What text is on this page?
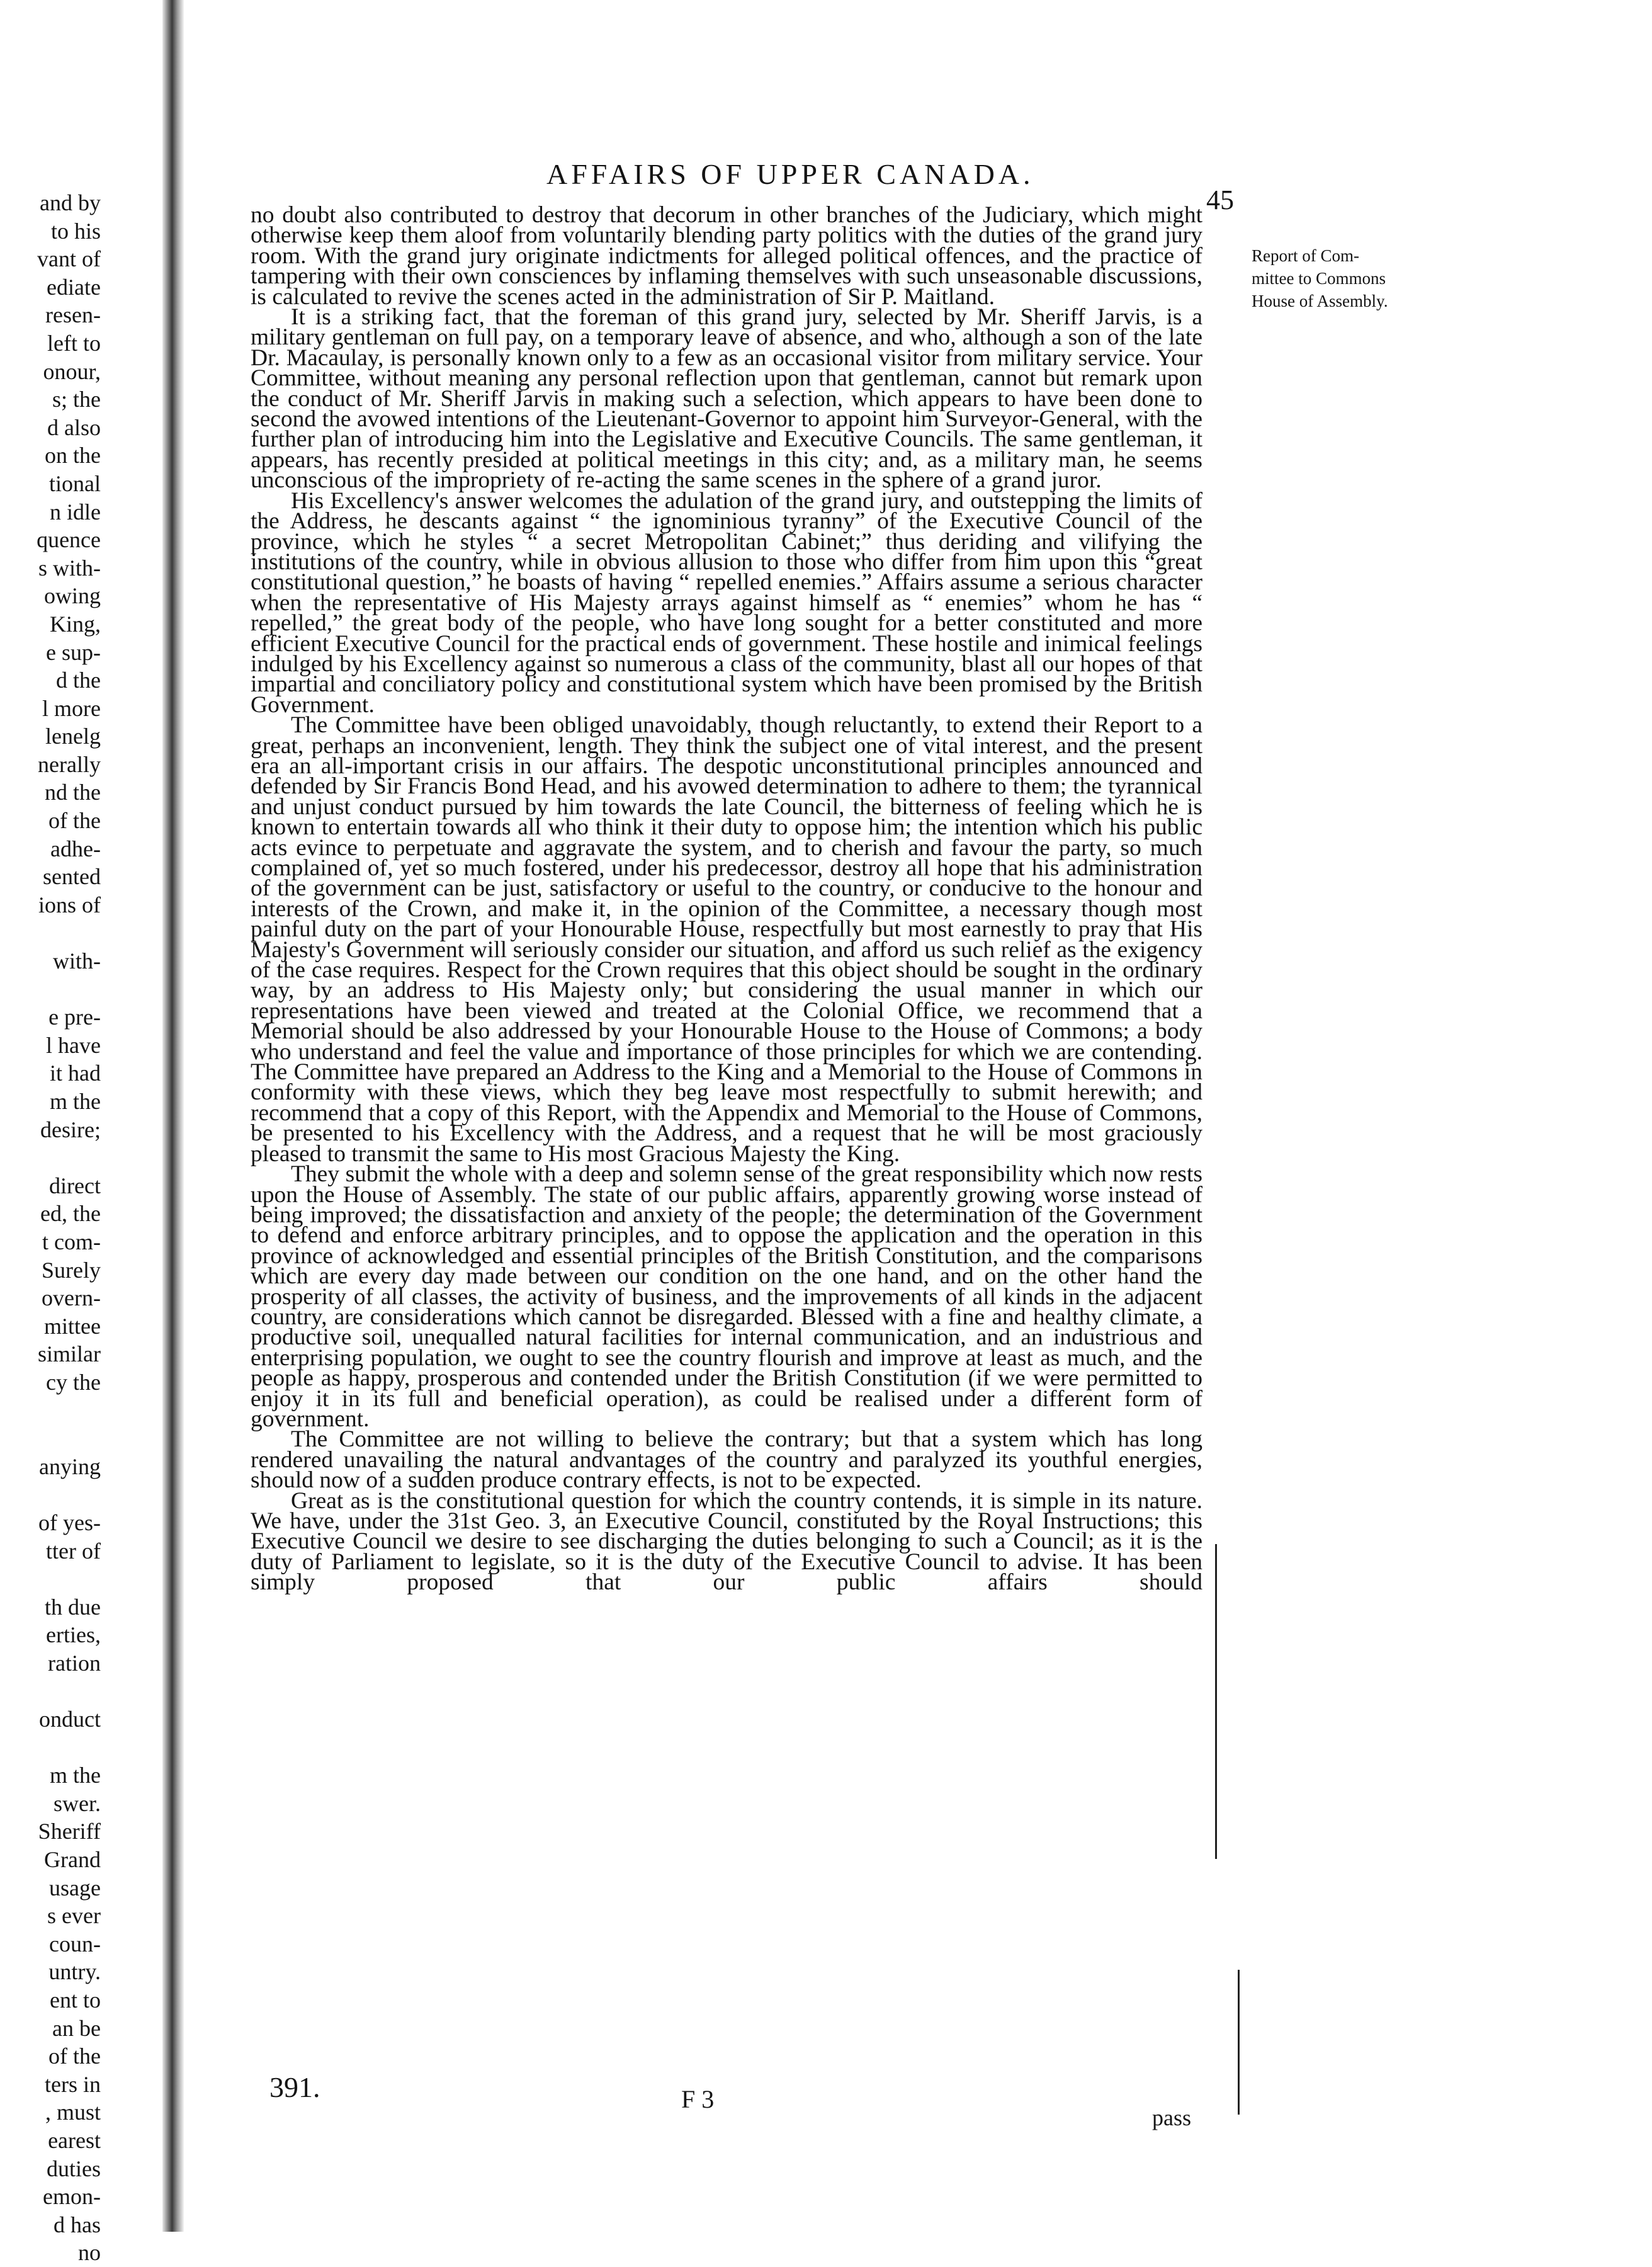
and by
to his
vant of
ediate
resen-
left to
onour,
s; the
d also
on the
tional
n idle
quence
s with-
owing
King,
e sup-
d the
l more
lenelg
nerally
nd the
of the
adhe-
sented
ions of
with-
e pre-
l have
it had
m the
desire;
direct
ed, the
t com-
Surely
overn-
mittee
similar
cy the
anying
of yes-
tter of
th due
erties,
ration
onduct
m the
swer.
Sheriff
Grand
usage
s ever
coun-
untry.
ent to
an be
of the
ters in
, must
earest
duties
emon-
d has
no
AFFAIRS OF UPPER CANADA.
45
Report of Com-
mittee to Commons
House of Assembly.

no doubt also contributed to destroy that decorum in other branches of the Judiciary, which might otherwise keep them aloof from voluntarily blending party politics with the duties of the grand jury room. With the grand jury originate indictments for alleged political offences, and the practice of tampering with their own consciences by inflaming themselves with such unseasonable discussions, is calculated to revive the scenes acted in the administration of Sir P. Maitland.

It is a striking fact, that the foreman of this grand jury, selected by Mr. Sheriff Jarvis, is a military gentleman on full pay, on a temporary leave of absence, and who, although a son of the late Dr. Macaulay, is personally known only to a few as an occasional visitor from military service. Your Committee, without meaning any personal reflection upon that gentleman, cannot but remark upon the conduct of Mr. Sheriff Jarvis in making such a selection, which appears to have been done to second the avowed intentions of the Lieutenant-Governor to appoint him Surveyor-General, with the further plan of introducing him into the Legislative and Executive Councils. The same gentleman, it appears, has recently presided at political meetings in this city; and, as a military man, he seems unconscious of the impropriety of re-acting the same scenes in the sphere of a grand juror.

His Excellency's answer welcomes the adulation of the grand jury, and outstepping the limits of the Address, he descants against “ the ignominious tyranny” of the Executive Council of the province, which he styles “ a secret Metropolitan Cabinet;” thus deriding and vilifying the institutions of the country, while in obvious allusion to those who differ from him upon this “great constitutional question,” he boasts of having “ repelled enemies.” Affairs assume a serious character when the representative of His Majesty arrays against himself as “ enemies” whom he has “ repelled,” the great body of the people, who have long sought for a better constituted and more efficient Executive Council for the practical ends of government. These hostile and inimical feelings indulged by his Excellency against so numerous a class of the community, blast all our hopes of that impartial and conciliatory policy and constitutional system which have been promised by the British Government.

The Committee have been obliged unavoidably, though reluctantly, to extend their Report to a great, perhaps an inconvenient, length. They think the subject one of vital interest, and the present era an all-important crisis in our affairs. The despotic unconstitutional principles announced and defended by Sir Francis Bond Head, and his avowed determination to adhere to them; the tyrannical and unjust conduct pursued by him towards the late Council, the bitterness of feeling which he is known to entertain towards all who think it their duty to oppose him; the intention which his public acts evince to perpetuate and aggravate the system, and to cherish and favour the party, so much complained of, yet so much fostered, under his predecessor, destroy all hope that his administration of the government can be just, satisfactory or useful to the country, or conducive to the honour and interests of the Crown, and make it, in the opinion of the Committee, a necessary though most painful duty on the part of your Honourable House, respectfully but most earnestly to pray that His Majesty's Government will seriously consider our situation, and afford us such relief as the exigency of the case requires. Respect for the Crown requires that this object should be sought in the ordinary way, by an address to His Majesty only; but considering the usual manner in which our representations have been viewed and treated at the Colonial Office, we recommend that a Memorial should be also addressed by your Honourable House to the House of Commons; a body who understand and feel the value and importance of those principles for which we are contending. The Committee have prepared an Address to the King and a Memorial to the House of Commons in conformity with these views, which they beg leave most respectfully to submit herewith; and recommend that a copy of this Report, with the Appendix and Memorial to the House of Commons, be presented to his Excellency with the Address, and a request that he will be most graciously pleased to transmit the same to His most Gracious Majesty the King.

They submit the whole with a deep and solemn sense of the great responsibility which now rests upon the House of Assembly. The state of our public affairs, apparently growing worse instead of being improved; the dissatisfaction and anxiety of the people; the determination of the Government to defend and enforce arbitrary principles, and to oppose the application and the operation in this province of acknowledged and essential principles of the British Constitution, and the comparisons which are every day made between our condition on the one hand, and on the other hand the prosperity of all classes, the activity of business, and the improvements of all kinds in the adjacent country, are considerations which cannot be disregarded. Blessed with a fine and healthy climate, a productive soil, unequalled natural facilities for internal communication, and an industrious and enterprising population, we ought to see the country flourish and improve at least as much, and the people as happy, prosperous and contended under the British Constitution (if we were permitted to enjoy it in its full and beneficial operation), as could be realised under a different form of government.

The Committee are not willing to believe the contrary; but that a system which has long rendered unavailing the natural andvantages of the country and paralyzed its youthful energies, should now of a sudden produce contrary effects, is not to be expected.

Great as is the constitutional question for which the country contends, it is simple in its nature. We have, under the 31st Geo. 3, an Executive Council, constituted by the Royal Instructions; this Executive Council we desire to see discharging the duties belonging to such a Council; as it is the duty of Parliament to legislate, so it is the duty of the Executive Council to advise. It has been simply proposed that our public affairs should

391.	F 3
pass
